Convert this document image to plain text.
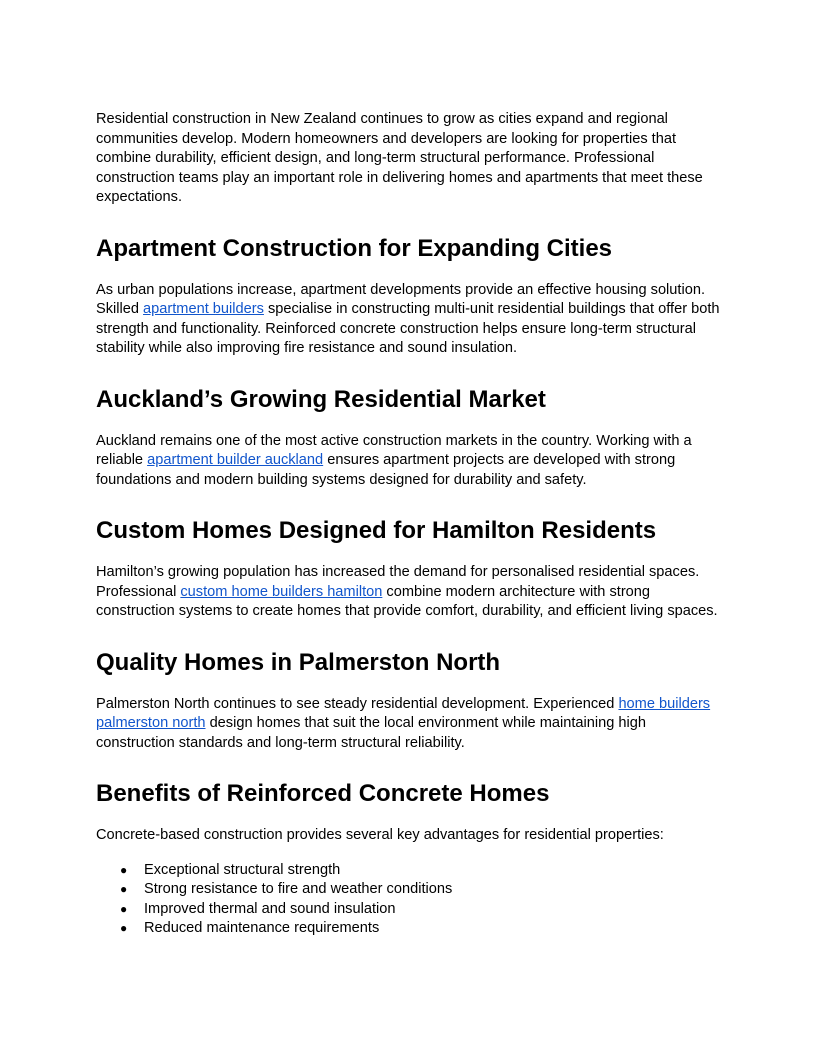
Residential construction in New Zealand continues to grow as cities expand and regional communities develop. Modern homeowners and developers are looking for properties that combine durability, efficient design, and long-term structural performance. Professional construction teams play an important role in delivering homes and apartments that meet these expectations.

Apartment Construction for Expanding Cities

As urban populations increase, apartment developments provide an effective housing solution. Skilled apartment builders specialise in constructing multi-unit residential buildings that offer both strength and functionality. Reinforced concrete construction helps ensure long-term structural stability while also improving fire resistance and sound insulation.

Auckland’s Growing Residential Market

Auckland remains one of the most active construction markets in the country. Working with a reliable apartment builder auckland ensures apartment projects are developed with strong foundations and modern building systems designed for durability and safety.

Custom Homes Designed for Hamilton Residents

Hamilton’s growing population has increased the demand for personalised residential spaces. Professional custom home builders hamilton combine modern architecture with strong construction systems to create homes that provide comfort, durability, and efficient living spaces.

Quality Homes in Palmerston North

Palmerston North continues to see steady residential development. Experienced home builders palmerston north design homes that suit the local environment while maintaining high construction standards and long-term structural reliability.

Benefits of Reinforced Concrete Homes

Concrete-based construction provides several key advantages for residential properties:

● Exceptional structural strength
● Strong resistance to fire and weather conditions
● Improved thermal and sound insulation
● Reduced maintenance requirements
